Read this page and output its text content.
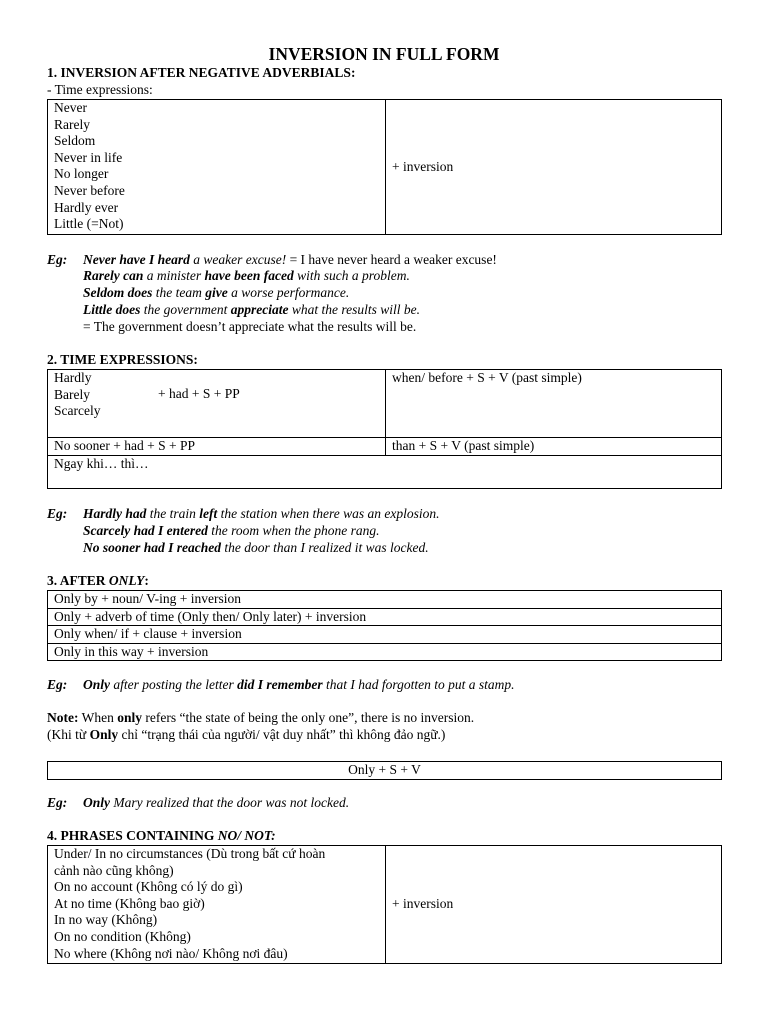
INVERSION IN FULL FORM
1. INVERSION AFTER NEGATIVE ADVERBIALS:
- Time expressions:
Never
Rarely
Seldom
Never in life
No longer
Never before
Hardly ever
Little (=Not)
	+ inversion
Eg: Never have I heard a weaker excuse! = I have never heard a weaker excuse!
Rarely can a minister have been faced with such a problem.
Seldom does the team give a worse performance.
Little does the government appreciate what the results will be.
= The government doesn’t appreciate what the results will be.
2. TIME EXPRESSIONS:
Hardly
Barely
Scarcely
+ had + S + PP	when/ before + S + V (past simple)
No sooner + had + S + PP	than + S + V (past simple)
Ngay khi… thì…	
Eg: Hardly had the train left the station when there was an explosion.
Scarcely had I entered the room when the phone rang.
No sooner had I reached the door than I realized it was locked.
3. AFTER ONLY:
Only by + noun/ V-ing + inversion
Only + adverb of time (Only then/ Only later) + inversion
Only when/ if + clause + inversion
Only in this way + inversion
Eg: Only after posting the letter did I remember that I had forgotten to put a stamp.
Note: When only refers “the state of being the only one”, there is no inversion.
(Khi từ Only chỉ “trạng thái của người/ vật duy nhất” thì không đảo ngữ.)
Only + S + V
Eg: Only Mary realized that the door was not locked.
4. PHRASES CONTAINING NO/ NOT:
Under/ In no circumstances (Dù trong bất cứ hoàn
cảnh nào cũng không)
On no account (Không có lý do gì)
At no time (Không bao giờ)
In no way (Không)
On no condition (Không)
No where (Không nơi nào/ Không nơi đâu)
	+ inversion
